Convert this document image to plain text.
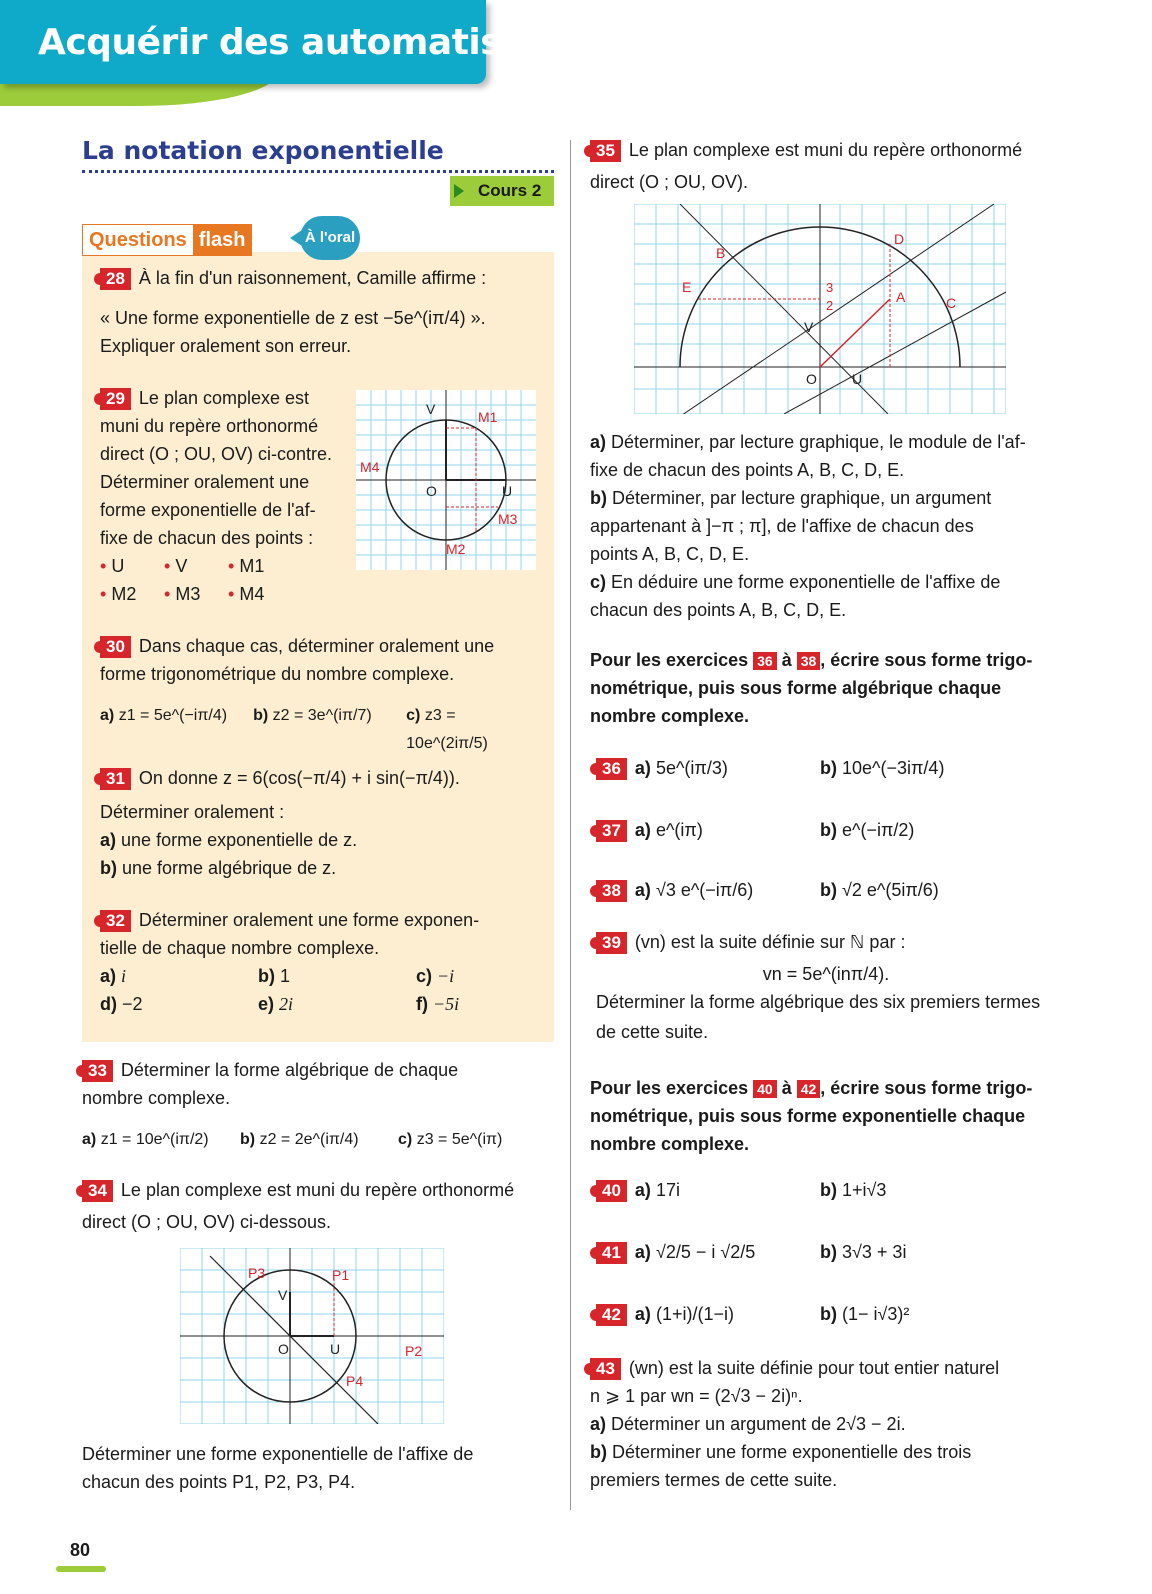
Acquérir des automatismes
La notation exponentielle
Cours 2
Questions flash	À l'oral
28 À la fin d'un raisonnement, Camille affirme :
« Une forme exponentielle de z est −5e^(iπ/4) ».
Expliquer oralement son erreur.
29 Le plan complexe est
muni du repère orthonormé
direct (O ; OU, OV) ci-contre.
Déterminer oralement une
forme exponentielle de l'af-
fixe de chacun des points :
• U	• V	• M1
• M2	• M3	• M4
V
O	U
M1
M2
M3
M4
30 Dans chaque cas, déterminer oralement une
forme trigonométrique du nombre complexe.
a) z1 = 5e^(−iπ/4)	b) z2 = 3e^(iπ/7)	c) z3 = 10e^(2iπ/5)
31 On donne z = 6(cos(−π/4) + i sin(−π/4)).
Déterminer oralement :
a) une forme exponentielle de z.
b) une forme algébrique de z.
32 Déterminer oralement une forme exponen-
tielle de chaque nombre complexe.
a) i	b) 1	c) −i
d) −2	e) 2i	f) −5i
33 Déterminer la forme algébrique de chaque
nombre complexe.
a) z1 = 10e^(iπ/2)	b) z2 = 2e^(iπ/4)	c) z3 = 5e^(iπ)
34 Le plan complexe est muni du repère orthonormé
direct (O ; OU, OV) ci-dessous.
P3	P1
P2
P4
V
O	U
Déterminer une forme exponentielle de l'affixe de
chacun des points P1, P2, P3, P4.
35 Le plan complexe est muni du repère orthonormé
direct (O ; OU, OV).
B
D
E
A	C
3
2
V
O	U
a) Déterminer, par lecture graphique, le module de l'af-
fixe de chacun des points A, B, C, D, E.
b) Déterminer, par lecture graphique, un argument
appartenant à ]−π ; π], de l'affixe de chacun des
points A, B, C, D, E.
c) En déduire une forme exponentielle de l'affixe de
chacun des points A, B, C, D, E.
Pour les exercices 36 à 38 , écrire sous forme trigo-
nométrique, puis sous forme algébrique chaque
nombre complexe.
36 a) 5e^(iπ/3)	b) 10e^(−3iπ/4)
37 a) e^(iπ)	b) e^(−iπ/2)
38 a) √3 e^(−iπ/6)	b) √2 e^(5iπ/6)
39 (vn) est la suite définie sur ℕ par :
vn = 5e^(inπ/4).
Déterminer la forme algébrique des six premiers termes
de cette suite.
Pour les exercices 40 à 42 , écrire sous forme trigo-
nométrique, puis sous forme exponentielle chaque
nombre complexe.
40 a) 17i	b) 1+i√3
41 a) √2/5 − i √2/5	b) 3√3 + 3i
42 a) (1+i)/(1−i)	b) (1− i√3)²
43 (wn) est la suite définie pour tout entier naturel
n ⩾ 1 par wn = (2√3 − 2i)ⁿ.
a) Déterminer un argument de 2√3 − 2i.
b) Déterminer une forme exponentielle des trois
premiers termes de cette suite.
80
